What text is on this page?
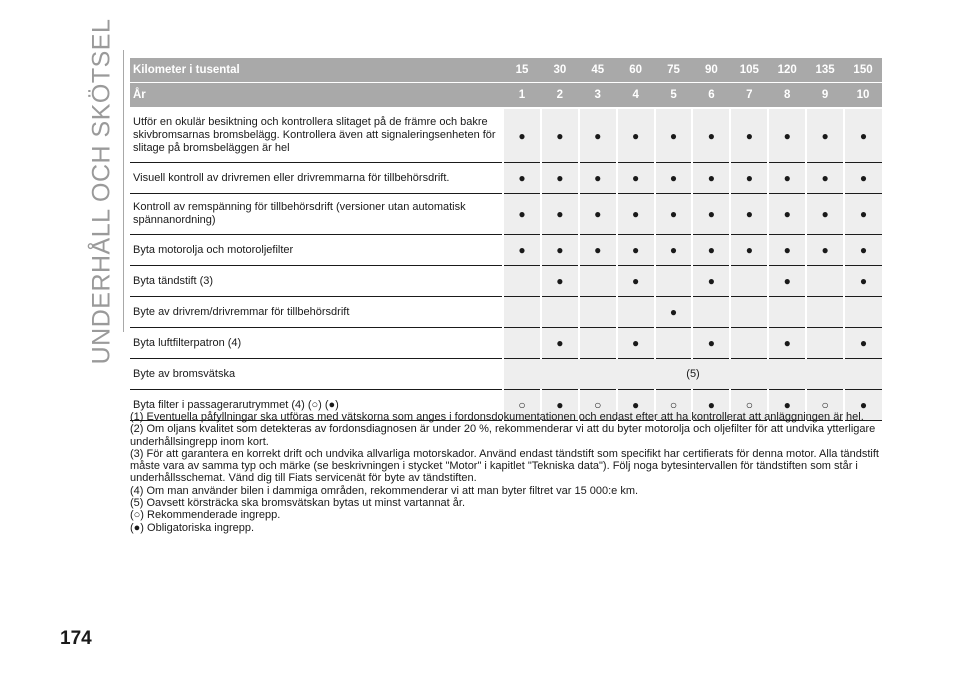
UNDERHÅLL OCH SKÖTSEL Kilometer i tusental	15	30	45	60	75	90	105	120	135	150
År	1	2	3	4	5	6	7	8	9	10
Utför en okulär besiktning och kontrollera slitaget på de främre och bakre skivbromsarnas bromsbelägg. Kontrollera även att signaleringsenheten för slitage på bromsbeläggen är hel	●	●	●	●	●	●	●	●	●	●
Visuell kontroll av drivremen eller drivremmarna för tillbehörsdrift.	●	●	●	●	●	●	●	●	●	●
Kontroll av remspänning för tillbehörsdrift (versioner utan automatisk spännanordning)	●	●	●	●	●	●	●	●	●	●
Byta motorolja och motoroljefilter	●	●	●	●	●	●	●	●	●	●
Byta tändstift (3)		●		●		●		●		●
Byte av drivrem/drivremmar för tillbehörsdrift					●					
Byta luftfilterpatron (4)		●		●		●		●		●
Byte av bromsvätska	(5)									
Byta filter i passagerarutrymmet (4) (○) (●)	○	●	○	●	○	●	○	●	○	●

(1) Eventuella påfyllningar ska utföras med vätskorna som anges i fordonsdokumentationen och endast efter att ha kontrollerat att anläggningen är hel.

(2) Om oljans kvalitet som detekteras av fordonsdiagnosen är under 20 %, rekommenderar vi att du byter motorolja och oljefilter för att undvika ytterligare underhållsingrepp inom kort.

(3) För att garantera en korrekt drift och undvika allvarliga motorskador. Använd endast tändstift som specifikt har certifierats för denna motor. Alla tändstift måste vara av samma typ och märke (se beskrivningen i stycket "Motor" i kapitlet "Tekniska data"). Följ noga bytesintervallen för tändstiften som står i underhållsschemat. Vänd dig till Fiats servicenät för byte av tändstiften.

(4) Om man använder bilen i dammiga områden, rekommenderar vi att man byter filtret var 15 000:e km.

(5) Oavsett körsträcka ska bromsvätskan bytas ut minst vartannat år.

(○) Rekommenderade ingrepp.

(●) Obligatoriska ingrepp.

174
